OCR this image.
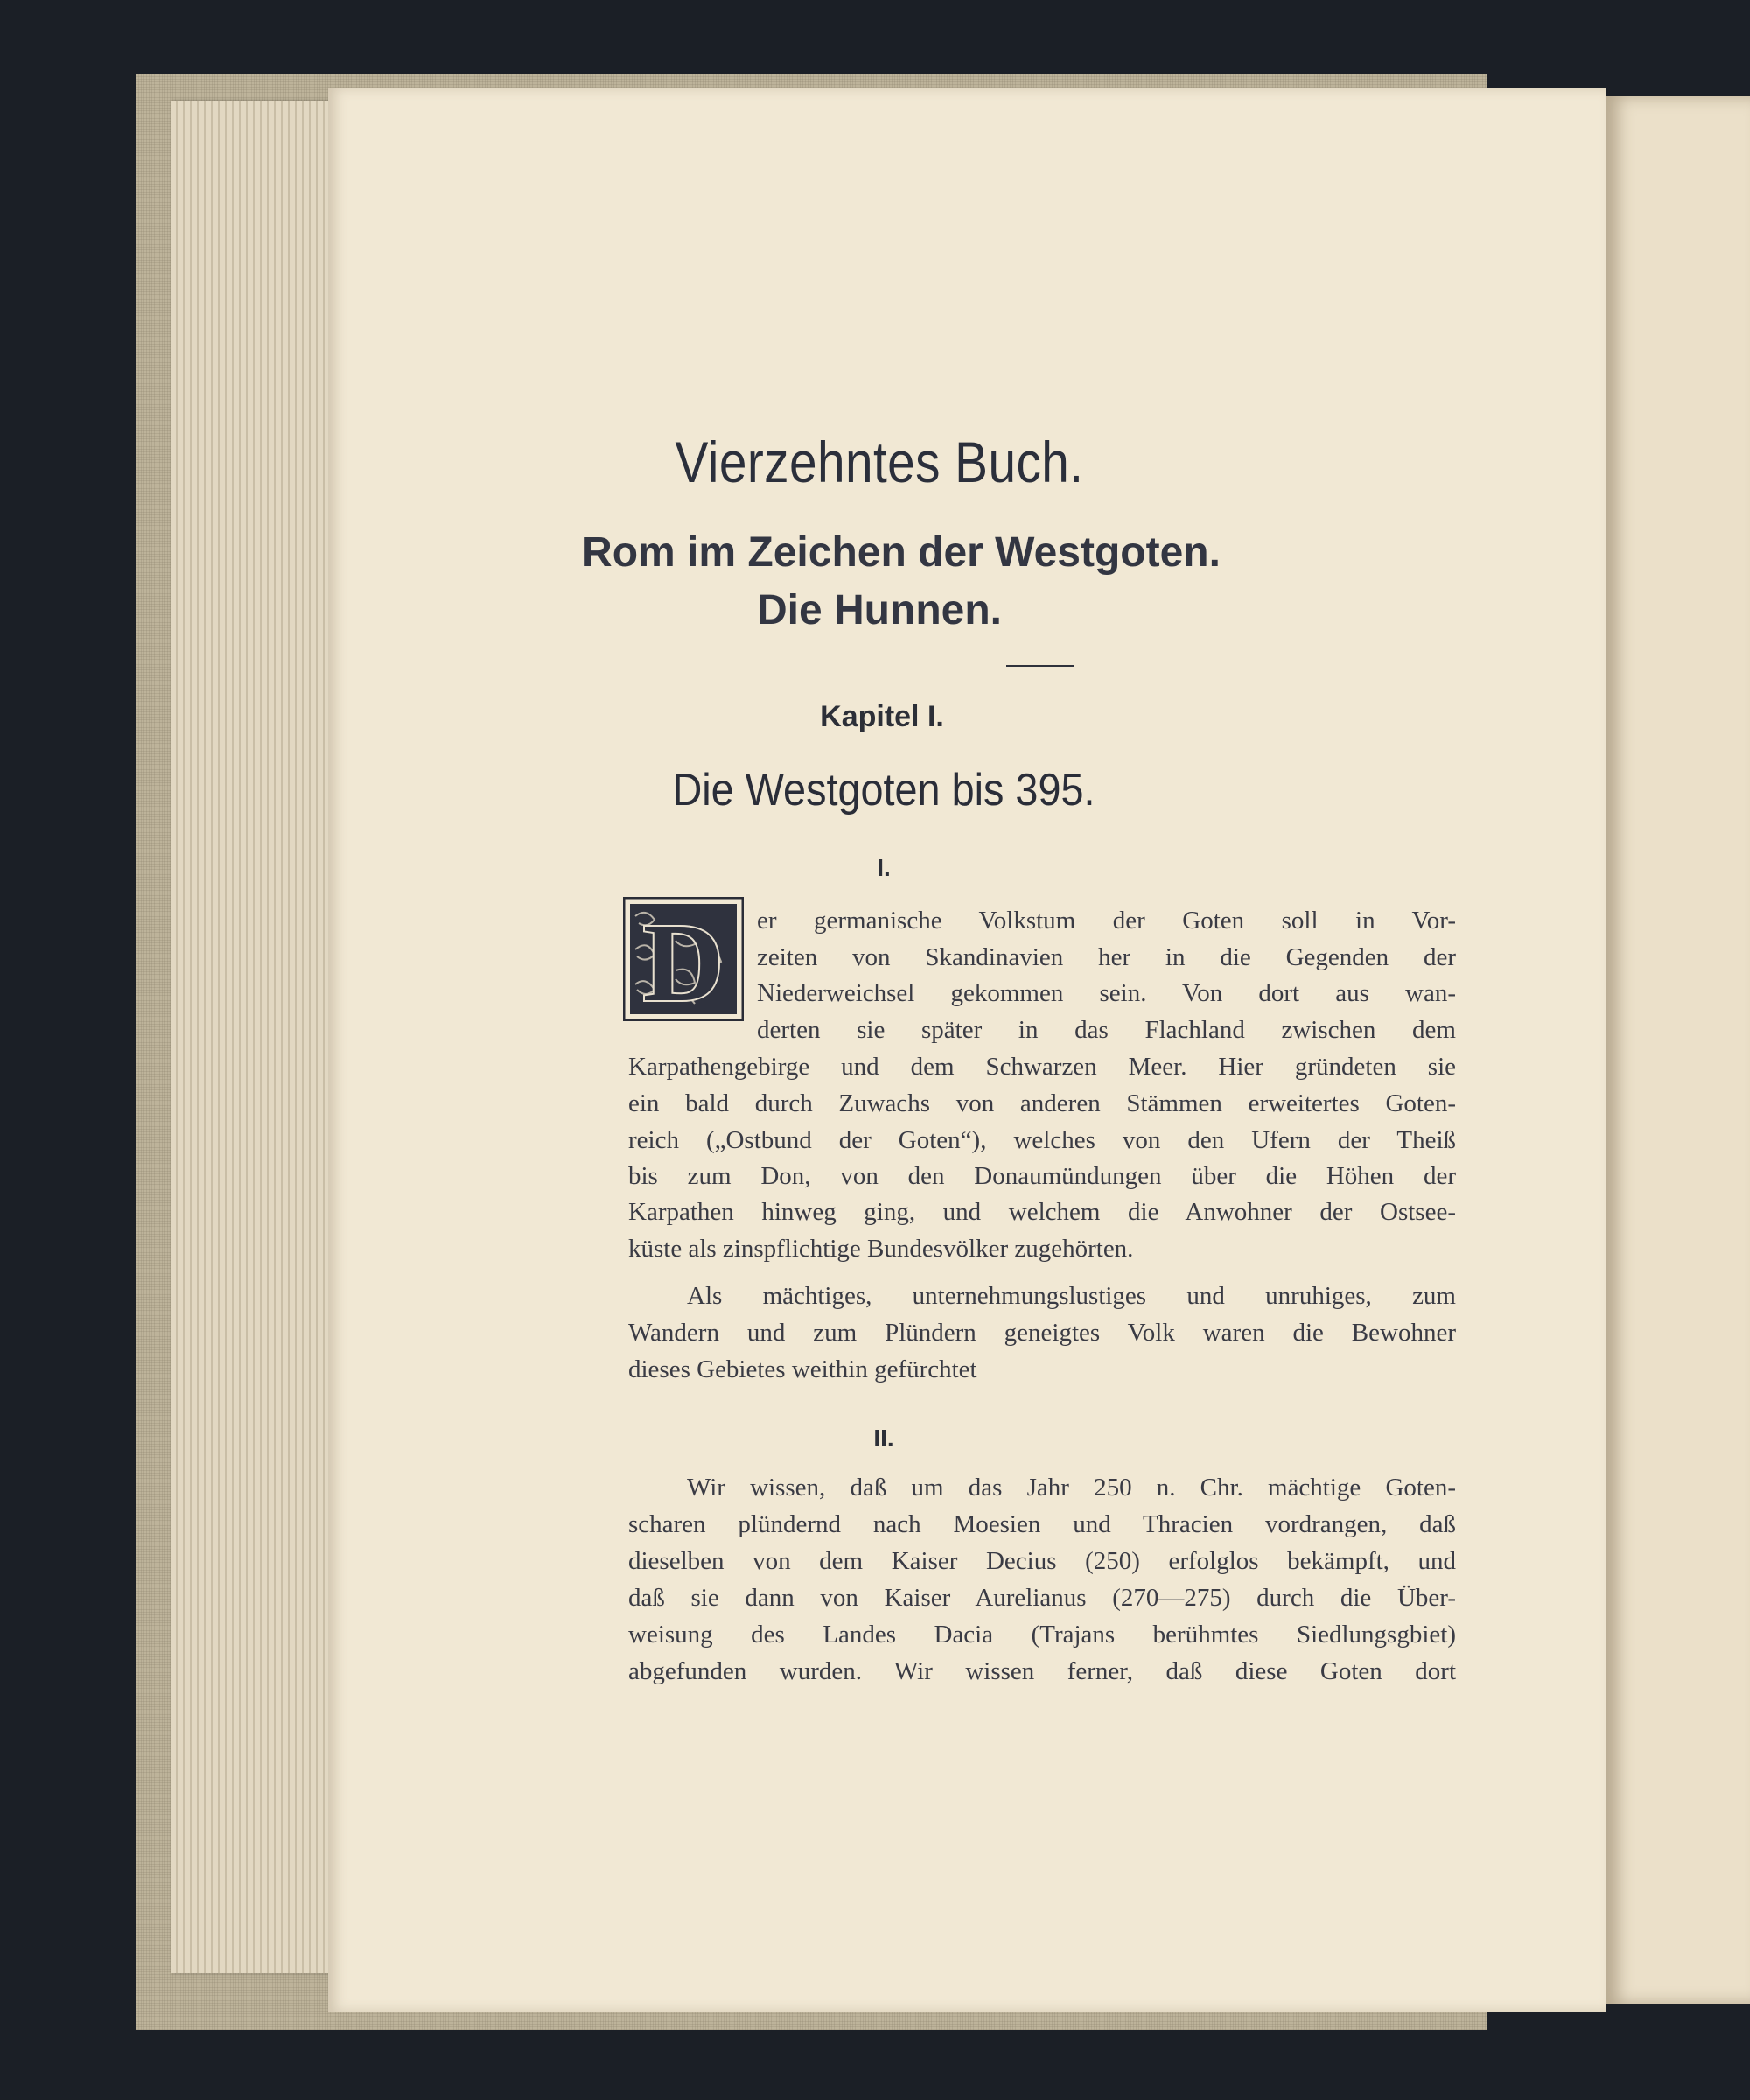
Vierzehntes Buch.
Rom im Zeichen der Westgoten.
Die Hunnen.
Kapitel I.
Die Westgoten bis 395.
I.
D er germanische Volkstum der Goten soll in Vor-
zeiten von Skandinavien her in die Gegenden der
Niederweichsel gekommen sein. Von dort aus wan-
derten sie später in das Flachland zwischen dem
Karpathengebirge und dem Schwarzen Meer. Hier gründeten sie
ein bald durch Zuwachs von anderen Stämmen erweitertes Goten-
reich („Ostbund der Goten“), welches von den Ufern der Theiß
bis zum Don, von den Donaumündungen über die Höhen der
Karpathen hinweg ging, und welchem die Anwohner der Ostsee-
küste als zinspflichtige Bundesvölker zugehörten.
Als mächtiges, unternehmungslustiges und unruhiges, zum
Wandern und zum Plündern geneigtes Volk waren die Bewohner
dieses Gebietes weithin gefürchtet
II.
Wir wissen, daß um das Jahr 250 n. Chr. mächtige Goten-
scharen plündernd nach Moesien und Thracien vordrangen, daß
dieselben von dem Kaiser Decius (250) erfolglos bekämpft, und
daß sie dann von Kaiser Aurelianus (270—275) durch die Über-
weisung des Landes Dacia (Trajans berühmtes Siedlungsgbiet)
abgefunden wurden. Wir wissen ferner, daß diese Goten dort
